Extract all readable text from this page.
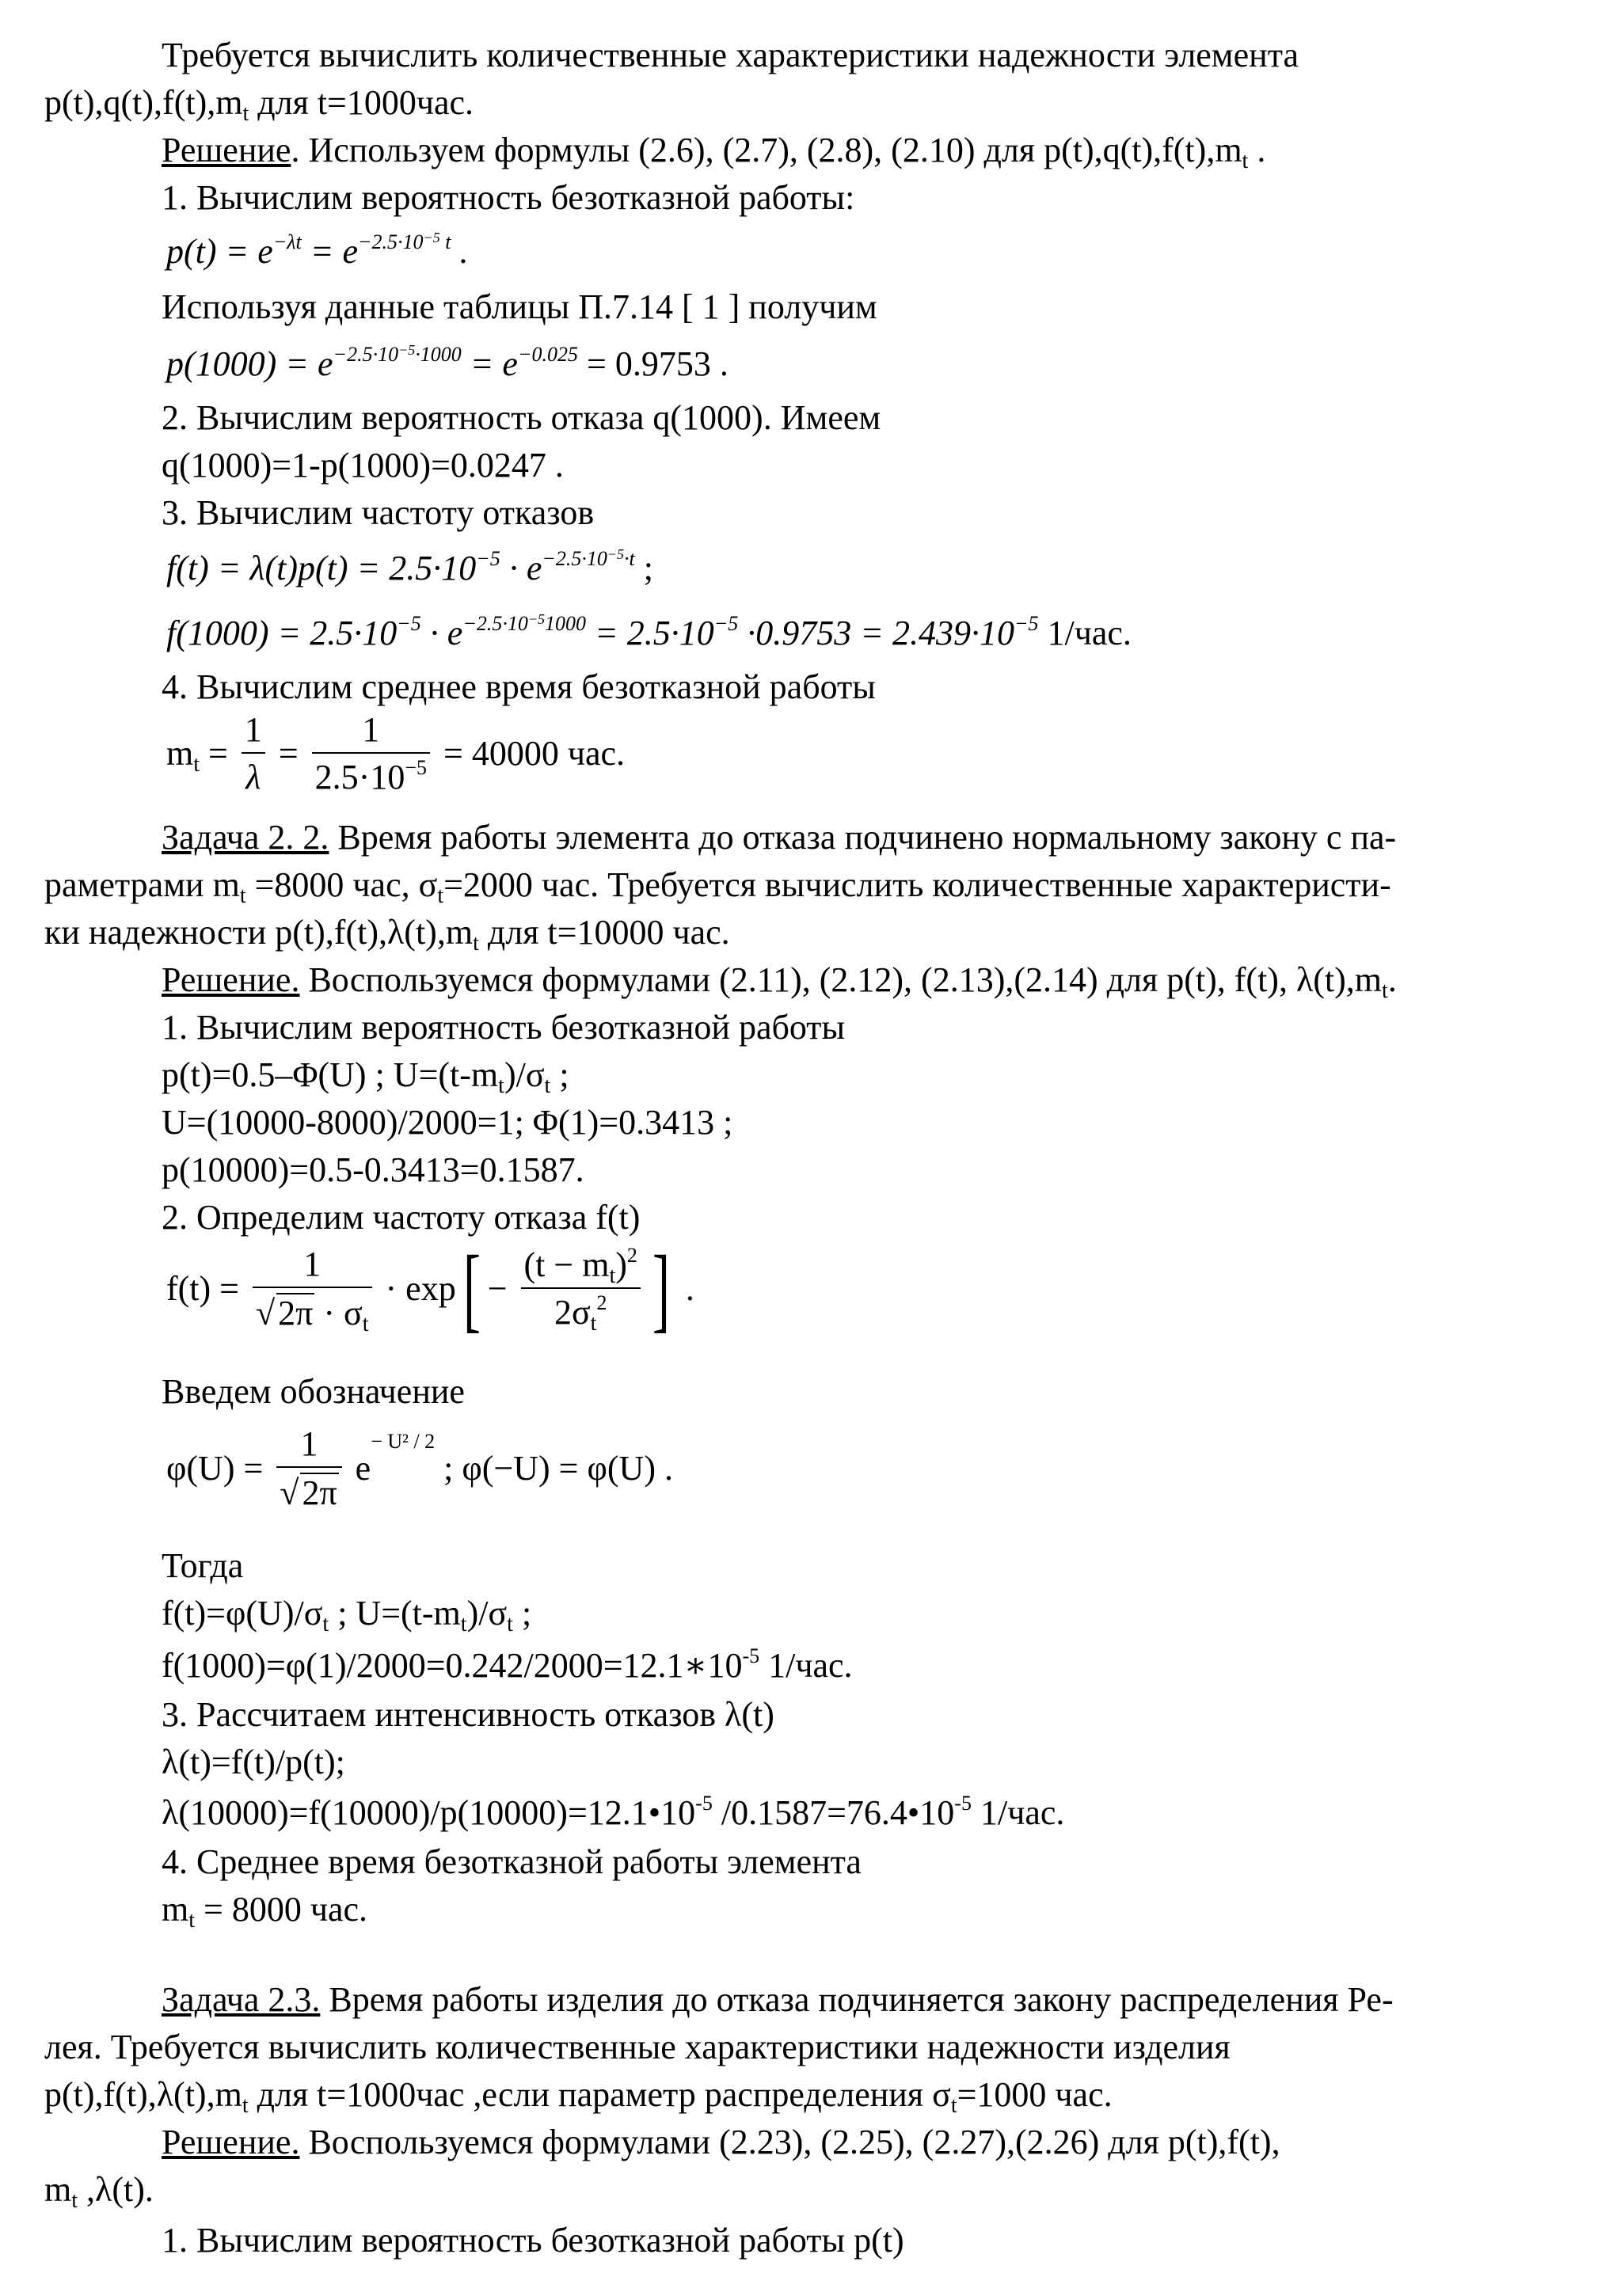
Требуется вычислить количественные характеристики надежности элемента
$p(t),q(t),f(t),m_t$ для t=1000час.
Решение. Используем формулы (2.6), (2.7), (2.8), (2.10) для $p(t),q(t),f(t),m_t$ .
1. Вычислим вероятность безотказной работы:
$p(t) = e^{-\lambda t} = e^{-2.5\cdot 10^{-5} t}$ .
Используя данные таблицы П.7.14 [ 1 ] получим
$p(1000) = e^{-2.5\cdot 10^{-5}\cdot 1000} = e^{-0.025} = 0.9753$ .
2. Вычислим вероятность отказа q(1000). Имеем
q(1000)=1-p(1000)=0.0247 .
3. Вычислим частоту отказов
$f(t) = \lambda(t)p(t) = 2.5\cdot 10^{-5} \cdot e^{-2.5\cdot 10^{-5}\cdot t}$ ;
$f(1000) = 2.5\cdot 10^{-5} \cdot e^{-2.5\cdot 10^{-5}1000} = 2.5\cdot 10^{-5} \cdot 0.9753 = 2.439\cdot 10^{-5}$ 1/час.
4. Вычислим среднее время безотказной работы
$m_t = \frac{1}{\lambda} = \frac{1}{2.5\cdot 10^{-5}} = 40000$ час.
Задача 2. 2. Время работы элемента до отказа подчинено нормальному закону с па-
раметрами $m_t =8000$ час, $\sigma_t=2000$ час. Требуется вычислить количественные характеристи-
ки надежности $p(t),f(t),\lambda(t),m_t$ для t=10000 час.
Решение. Воспользуемся формулами (2.11), (2.12), (2.13),(2.14) для p(t), f(t), $\lambda(t),m_t$.
1. Вычислим вероятность безотказной работы
p(t)=0.5–Φ(U) ; $U=(t-m_t)/\sigma_t$ ;
U=(10000-8000)/2000=1; Φ(1)=0.3413 ;
p(10000)=0.5-0.3413=0.1587.
2. Определим частоту отказа f(t)
$f(t) = \frac{1}{√2\pi \cdot \sigma_t} \cdot \exp[ - \frac{(t - m_t)^2}{2\sigma_t^2}$ ] .
Введем обозначение
$\varphi(U) = \frac{1}{√2\pi} e^{- U^2 / 2}$ ; φ(−U) = φ(U) .
Тогда
$f(t)=\varphi(U)/\sigma_t$ ; $U=(t-m_t)/\sigma_t$ ;
$f(1000)=\varphi(1)/2000=0.242/2000=12.1∗10^{-5}$ 1/час.
3. Рассчитаем интенсивность отказов λ(t)
λ(t)=f(t)/p(t);
$\lambda(10000)=f(10000)/p(10000)=12.1•10^{-5}$ $/0.1587=76.4•10^{-5}$ 1/час.
4. Среднее время безотказной работы элемента
$m_t = 8000$ час.
Задача 2.3. Время работы изделия до отказа подчиняется закону распределения Ре-
лея. Требуется вычислить количественные характеристики надежности изделия
$p(t),f(t),\lambda(t),m_t$ для t=1000час ,если параметр распределения $\sigma_t=1000$ час.
Решение. Воспользуемся формулами (2.23), (2.25), (2.27),(2.26) для p(t),f(t),
$m_t$ ,λ(t).
1. Вычислим вероятность безотказной работы p(t)
